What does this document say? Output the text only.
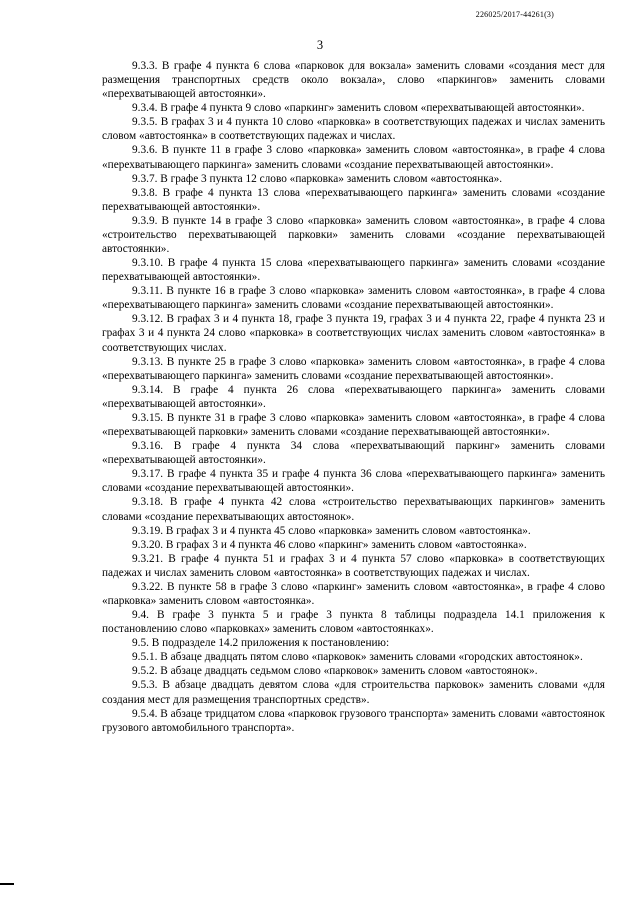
226025/2017-44261(3)
3

9.3.3. В графе 4 пункта 6 слова «парковок для вокзала» заменить словами «создания мест для размещения транспортных средств около вокзала», слово «паркингов» заменить словами «перехватывающей автостоянки».

9.3.4. В графе 4 пункта 9 слово «паркинг» заменить словом «перехватывающей автостоянки».

9.3.5. В графах 3 и 4 пункта 10 слово «парковка» в соответствующих падежах и числах заменить словом «автостоянка» в соответствующих падежах и числах.

9.3.6. В пункте 11 в графе 3 слово «парковка» заменить словом «автостоянка», в графе 4 слова «перехватывающего паркинга» заменить словами «создание перехватывающей автостоянки».

9.3.7. В графе 3 пункта 12 слово «парковка» заменить словом «автостоянка».

9.3.8. В графе 4 пункта 13 слова «перехватывающего паркинга» заменить словами «создание перехватывающей автостоянки».

9.3.9. В пункте 14 в графе 3 слово «парковка» заменить словом «автостоянка», в графе 4 слова «строительство перехватывающей парковки» заменить словами «создание перехватывающей автостоянки».

9.3.10. В графе 4 пункта 15 слова «перехватывающего паркинга» заменить словами «создание перехватывающей автостоянки».

9.3.11. В пункте 16 в графе 3 слово «парковка» заменить словом «автостоянка», в графе 4 слова «перехватывающего паркинга» заменить словами «создание перехватывающей автостоянки».

9.3.12. В графах 3 и 4 пункта 18, графе 3 пункта 19, графах 3 и 4 пункта 22, графе 4 пункта 23 и графах 3 и 4 пункта 24 слово «парковка» в соответствующих числах заменить словом «автостоянка» в соответствующих числах.

9.3.13. В пункте 25 в графе 3 слово «парковка» заменить словом «автостоянка», в графе 4 слова «перехватывающего паркинга» заменить словами «создание перехватывающей автостоянки».

9.3.14. В графе 4 пункта 26 слова «перехватывающего паркинга» заменить словами «перехватывающей автостоянки».

9.3.15. В пункте 31 в графе 3 слово «парковка» заменить словом «автостоянка», в графе 4 слова «перехватывающей парковки» заменить словами «создание перехватывающей автостоянки».

9.3.16. В графе 4 пункта 34 слова «перехватывающий паркинг» заменить словами «перехватывающей автостоянки».

9.3.17. В графе 4 пункта 35 и графе 4 пункта 36 слова «перехватывающего паркинга» заменить словами «создание перехватывающей автостоянки».

9.3.18. В графе 4 пункта 42 слова «строительство перехватывающих паркингов» заменить словами «создание перехватывающих автостоянок».

9.3.19. В графах 3 и 4 пункта 45 слово «парковка» заменить словом «автостоянка».

9.3.20. В графах 3 и 4 пункта 46 слово «паркинг» заменить словом «автостоянка».

9.3.21. В графе 4 пункта 51 и графах 3 и 4 пункта 57 слово «парковка» в соответствующих падежах и числах заменить словом «автостоянка» в соответствующих падежах и числах.

9.3.22. В пункте 58 в графе 3 слово «паркинг» заменить словом «автостоянка», в графе 4 слово «парковка» заменить словом «автостоянка».

9.4. В графе 3 пункта 5 и графе 3 пункта 8 таблицы подраздела 14.1 приложения к постановлению слово «парковках» заменить словом «автостоянках».

9.5. В подразделе 14.2 приложения к постановлению:

9.5.1. В абзаце двадцать пятом слово «парковок» заменить словами «городских автостоянок».

9.5.2. В абзаце двадцать седьмом слово «парковок» заменить словом «автостоянок».

9.5.3. В абзаце двадцать девятом слова «для строительства парковок» заменить словами «для создания мест для размещения транспортных средств».

9.5.4. В абзаце тридцатом слова «парковок грузового транспорта» заменить словами «автостоянок грузового автомобильного транспорта».
